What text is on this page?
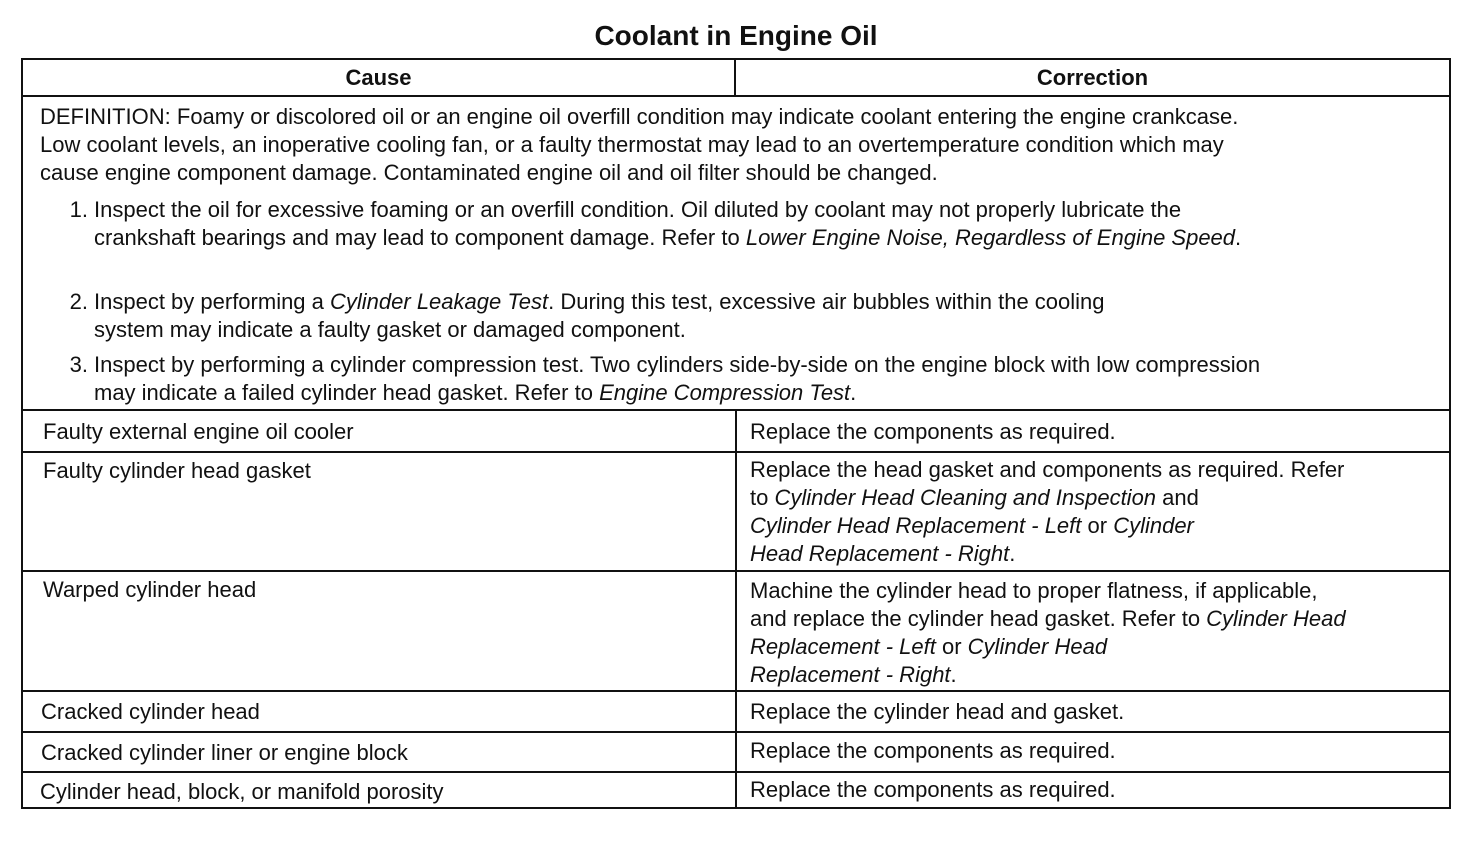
Coolant in Engine Oil
Cause	Correction
DEFINITION: Foamy or discolored oil or an engine oil overfill condition may indicate coolant entering the engine crankcase.
Low coolant levels, an inoperative cooling fan, or a faulty thermostat may lead to an overtemperature condition which may
cause engine component damage. Contaminated engine oil and oil filter should be changed.
1. Inspect the oil for excessive foaming or an overfill condition. Oil diluted by coolant may not properly lubricate the
crankshaft bearings and may lead to component damage. Refer to Lower Engine Noise, Regardless of Engine Speed.
2. Inspect by performing a Cylinder Leakage Test. During this test, excessive air bubbles within the cooling
system may indicate a faulty gasket or damaged component.
3. Inspect by performing a cylinder compression test. Two cylinders side-by-side on the engine block with low compression
may indicate a failed cylinder head gasket. Refer to Engine Compression Test.
Faulty external engine oil cooler
Faulty cylinder head gasket
Warped cylinder head
Cracked cylinder head
Cracked cylinder liner or engine block
Cylinder head, block, or manifold porosity
Replace the components as required.
Replace the head gasket and components as required. Refer
to Cylinder Head Cleaning and Inspection and
Cylinder Head Replacement - Left or Cylinder
Head Replacement - Right.
Machine the cylinder head to proper flatness, if applicable,
and replace the cylinder head gasket. Refer to Cylinder Head
Replacement - Left or Cylinder Head
Replacement - Right.
Replace the cylinder head and gasket.
Replace the components as required.
Replace the components as required.
